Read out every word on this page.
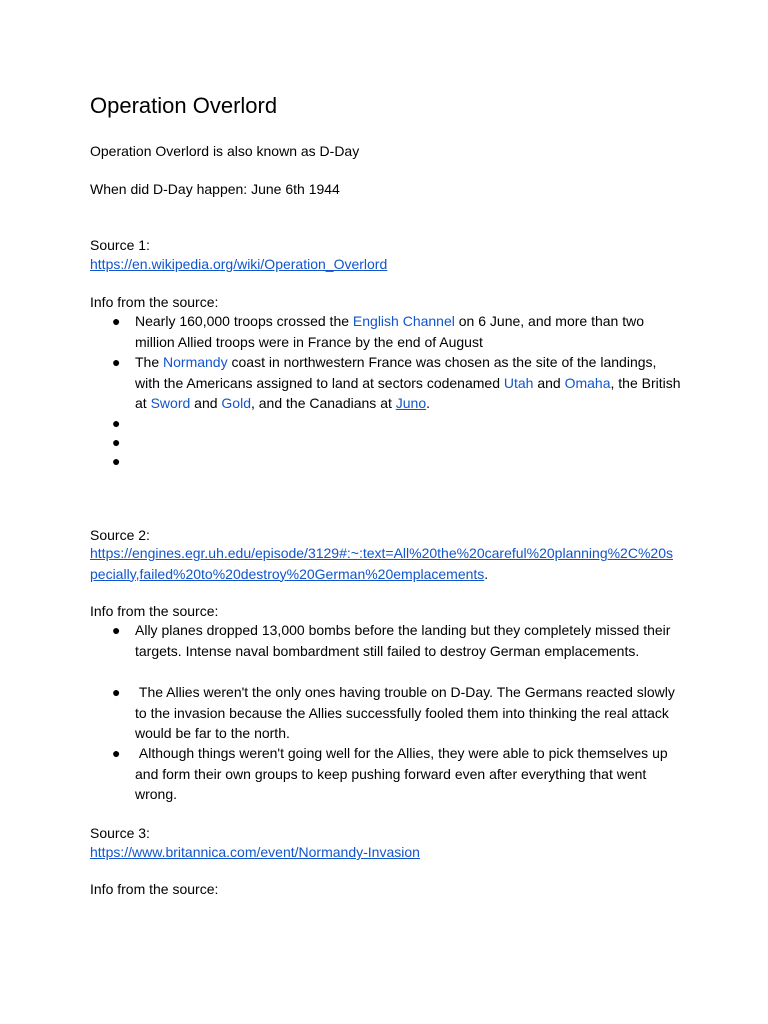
Operation Overlord
Operation Overlord is also known as D-Day
When did D-Day happen: June 6th 1944
Source 1:
https://en.wikipedia.org/wiki/Operation_Overlord
Info from the source:
● Nearly 160,000 troops crossed the English Channel on 6 June, and more than two million Allied troops were in France by the end of August
● The Normandy coast in northwestern France was chosen as the site of the landings, with the Americans assigned to land at sectors codenamed Utah and Omaha, the British at Sword and Gold, and the Canadians at Juno.
●
●
●
Source 2:
https://engines.egr.uh.edu/episode/3129#:~:text=All%20the%20careful%20planning%2C%20specially,failed%20to%20destroy%20German%20emplacements.
Info from the source:
● Ally planes dropped 13,000 bombs before the landing but they completely missed their targets. Intense naval bombardment still failed to destroy German emplacements.
● The Allies weren't the only ones having trouble on D-Day. The Germans reacted slowly to the invasion because the Allies successfully fooled them into thinking the real attack would be far to the north.
● Although things weren't going well for the Allies, they were able to pick themselves up and form their own groups to keep pushing forward even after everything that went wrong.
Source 3:
https://www.britannica.com/event/Normandy-Invasion
Info from the source:
